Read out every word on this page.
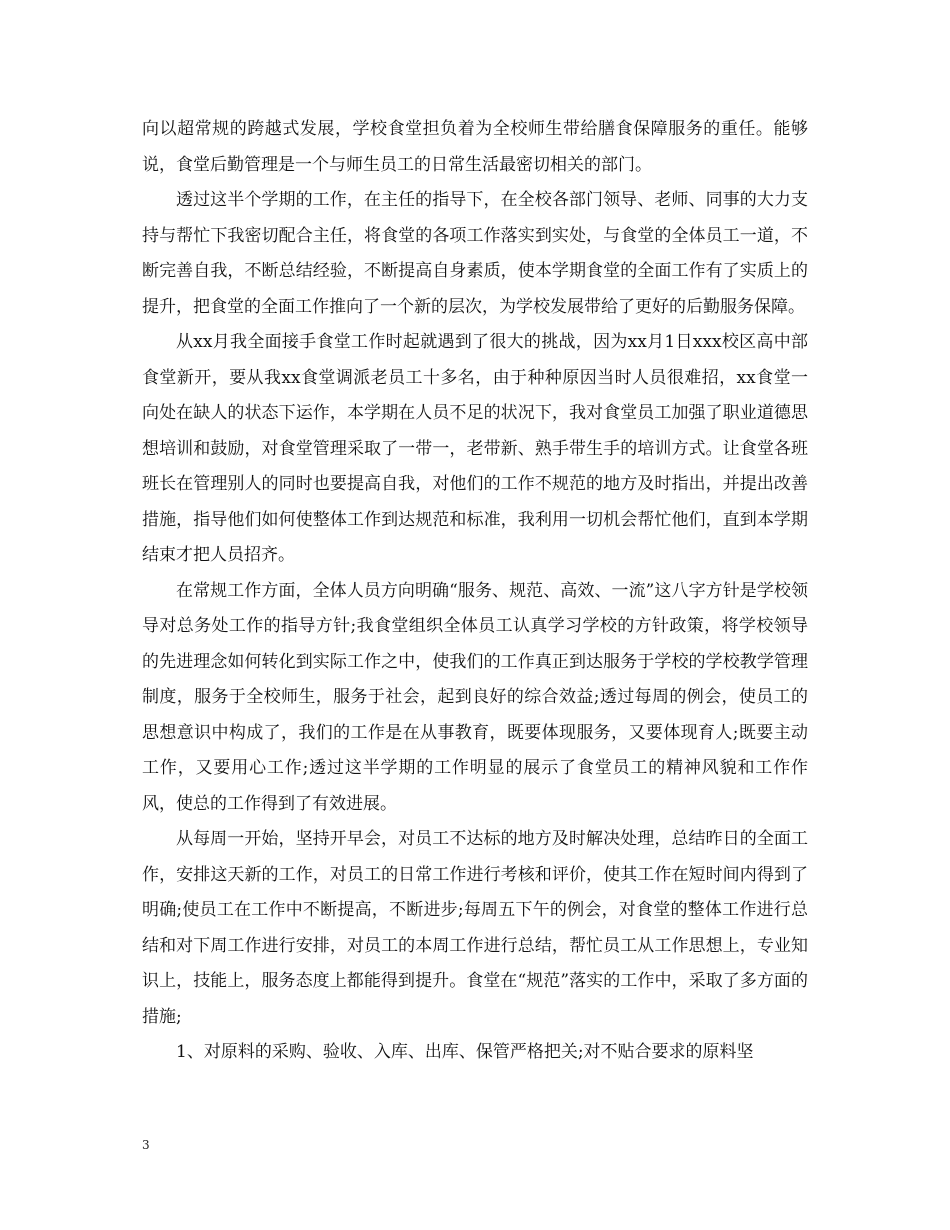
向以超常规的跨越式发展，学校食堂担负着为全校师生带给膳食保障服务的重任。能够说，食堂后勤管理是一个与师生员工的日常生活最密切相关的部门。

透过这半个学期的工作，在主任的指导下，在全校各部门领导、老师、同事的大力支持与帮忙下我密切配合主任，将食堂的各项工作落实到实处，与食堂的全体员工一道，不断完善自我，不断总结经验，不断提高自身素质，使本学期食堂的全面工作有了实质上的提升，把食堂的全面工作推向了一个新的层次，为学校发展带给了更好的后勤服务保障。

从xx月我全面接手食堂工作时起就遇到了很大的挑战，因为xx月1日xxx校区高中部食堂新开，要从我xx食堂调派老员工十多名，由于种种原因当时人员很难招，xx食堂一向处在缺人的状态下运作，本学期在人员不足的状况下，我对食堂员工加强了职业道德思想培训和鼓励，对食堂管理采取了一带一，老带新、熟手带生手的培训方式。让食堂各班班长在管理别人的同时也要提高自我，对他们的工作不规范的地方及时指出，并提出改善措施，指导他们如何使整体工作到达规范和标准，我利用一切机会帮忙他们，直到本学期结束才把人员招齐。

在常规工作方面，全体人员方向明确“服务、规范、高效、一流”这八字方针是学校领导对总务处工作的指导方针;我食堂组织全体员工认真学习学校的方针政策，将学校领导的先进理念如何转化到实际工作之中，使我们的工作真正到达服务于学校的学校教学管理制度，服务于全校师生，服务于社会，起到良好的综合效益;透过每周的例会，使员工的思想意识中构成了，我们的工作是在从事教育，既要体现服务，又要体现育人;既要主动工作，又要用心工作;透过这半学期的工作明显的展示了食堂员工的精神风貌和工作作风，使总的工作得到了有效进展。

从每周一开始，坚持开早会，对员工不达标的地方及时解决处理，总结昨日的全面工作，安排这天新的工作，对员工的日常工作进行考核和评价，使其工作在短时间内得到了明确;使员工在工作中不断提高，不断进步;每周五下午的例会，对食堂的整体工作进行总结和对下周工作进行安排，对员工的本周工作进行总结，帮忙员工从工作思想上，专业知识上，技能上，服务态度上都能得到提升。食堂在“规范”落实的工作中，采取了多方面的措施;

1、对原料的采购、验收、入库、出库、保管严格把关;对不贴合要求的原料坚

3
